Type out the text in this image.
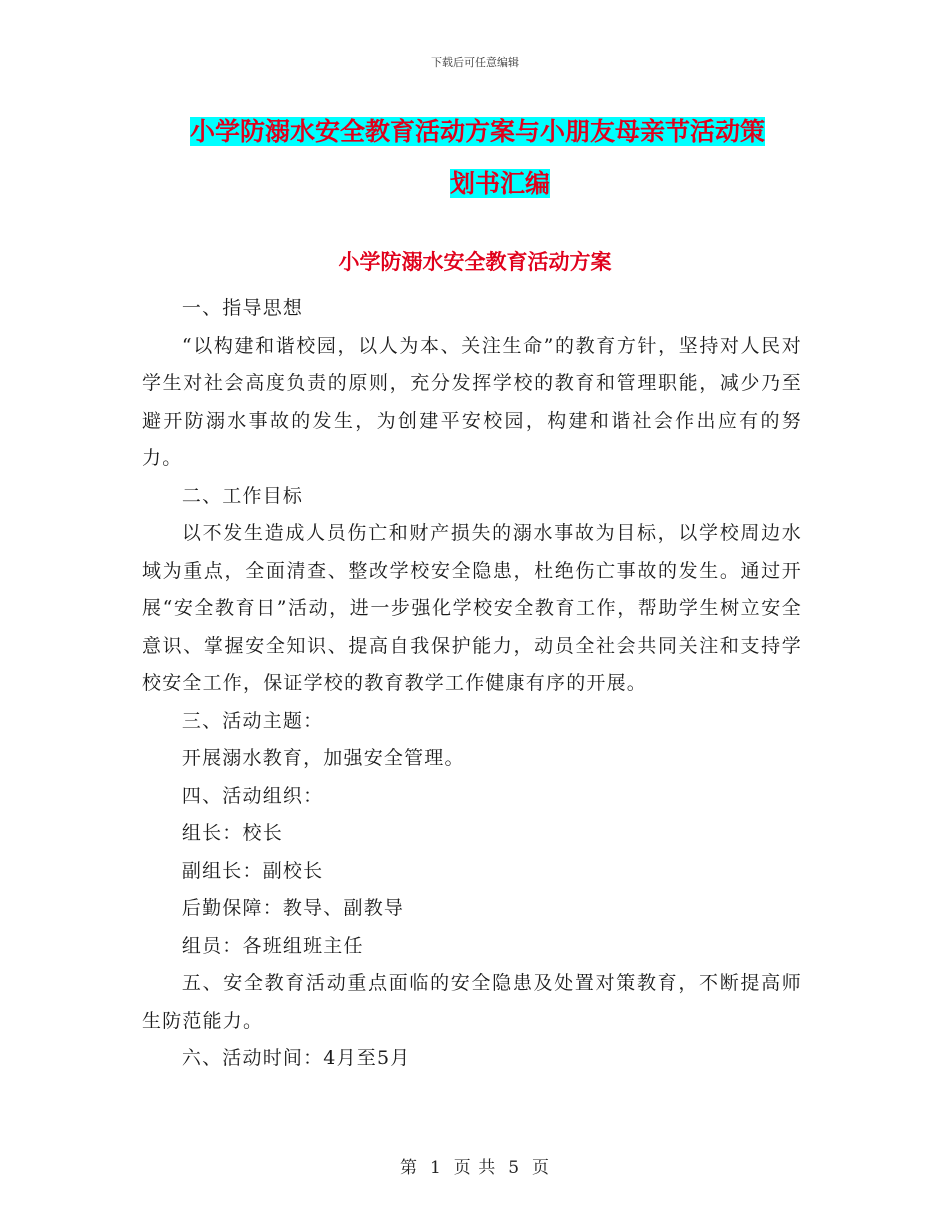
下载后可任意编辑
小学防溺水安全教育活动方案与小朋友母亲节活动策
划书汇编
小学防溺水安全教育活动方案

一、指导思想

“以构建和谐校园，以人为本、关注生命”的教育方针，坚持对人民对学生对社会高度负责的原则，充分发挥学校的教育和管理职能，减少乃至避开防溺水事故的发生，为创建平安校园，构建和谐社会作出应有的努力。

二、工作目标

以不发生造成人员伤亡和财产损失的溺水事故为目标，以学校周边水域为重点，全面清查、整改学校安全隐患，杜绝伤亡事故的发生。通过开展“安全教育日”活动，进一步强化学校安全教育工作，帮助学生树立安全意识、掌握安全知识、提高自我保护能力，动员全社会共同关注和支持学校安全工作，保证学校的教育教学工作健康有序的开展。

三、活动主题：

开展溺水教育，加强安全管理。

四、活动组织：

组长：校长

副组长：副校长

后勤保障：教导、副教导

组员：各班组班主任

五、安全教育活动重点面临的安全隐患及处置对策教育，不断提高师生防范能力。

六、活动时间：4月至5月

第 1 页 共 5 页
